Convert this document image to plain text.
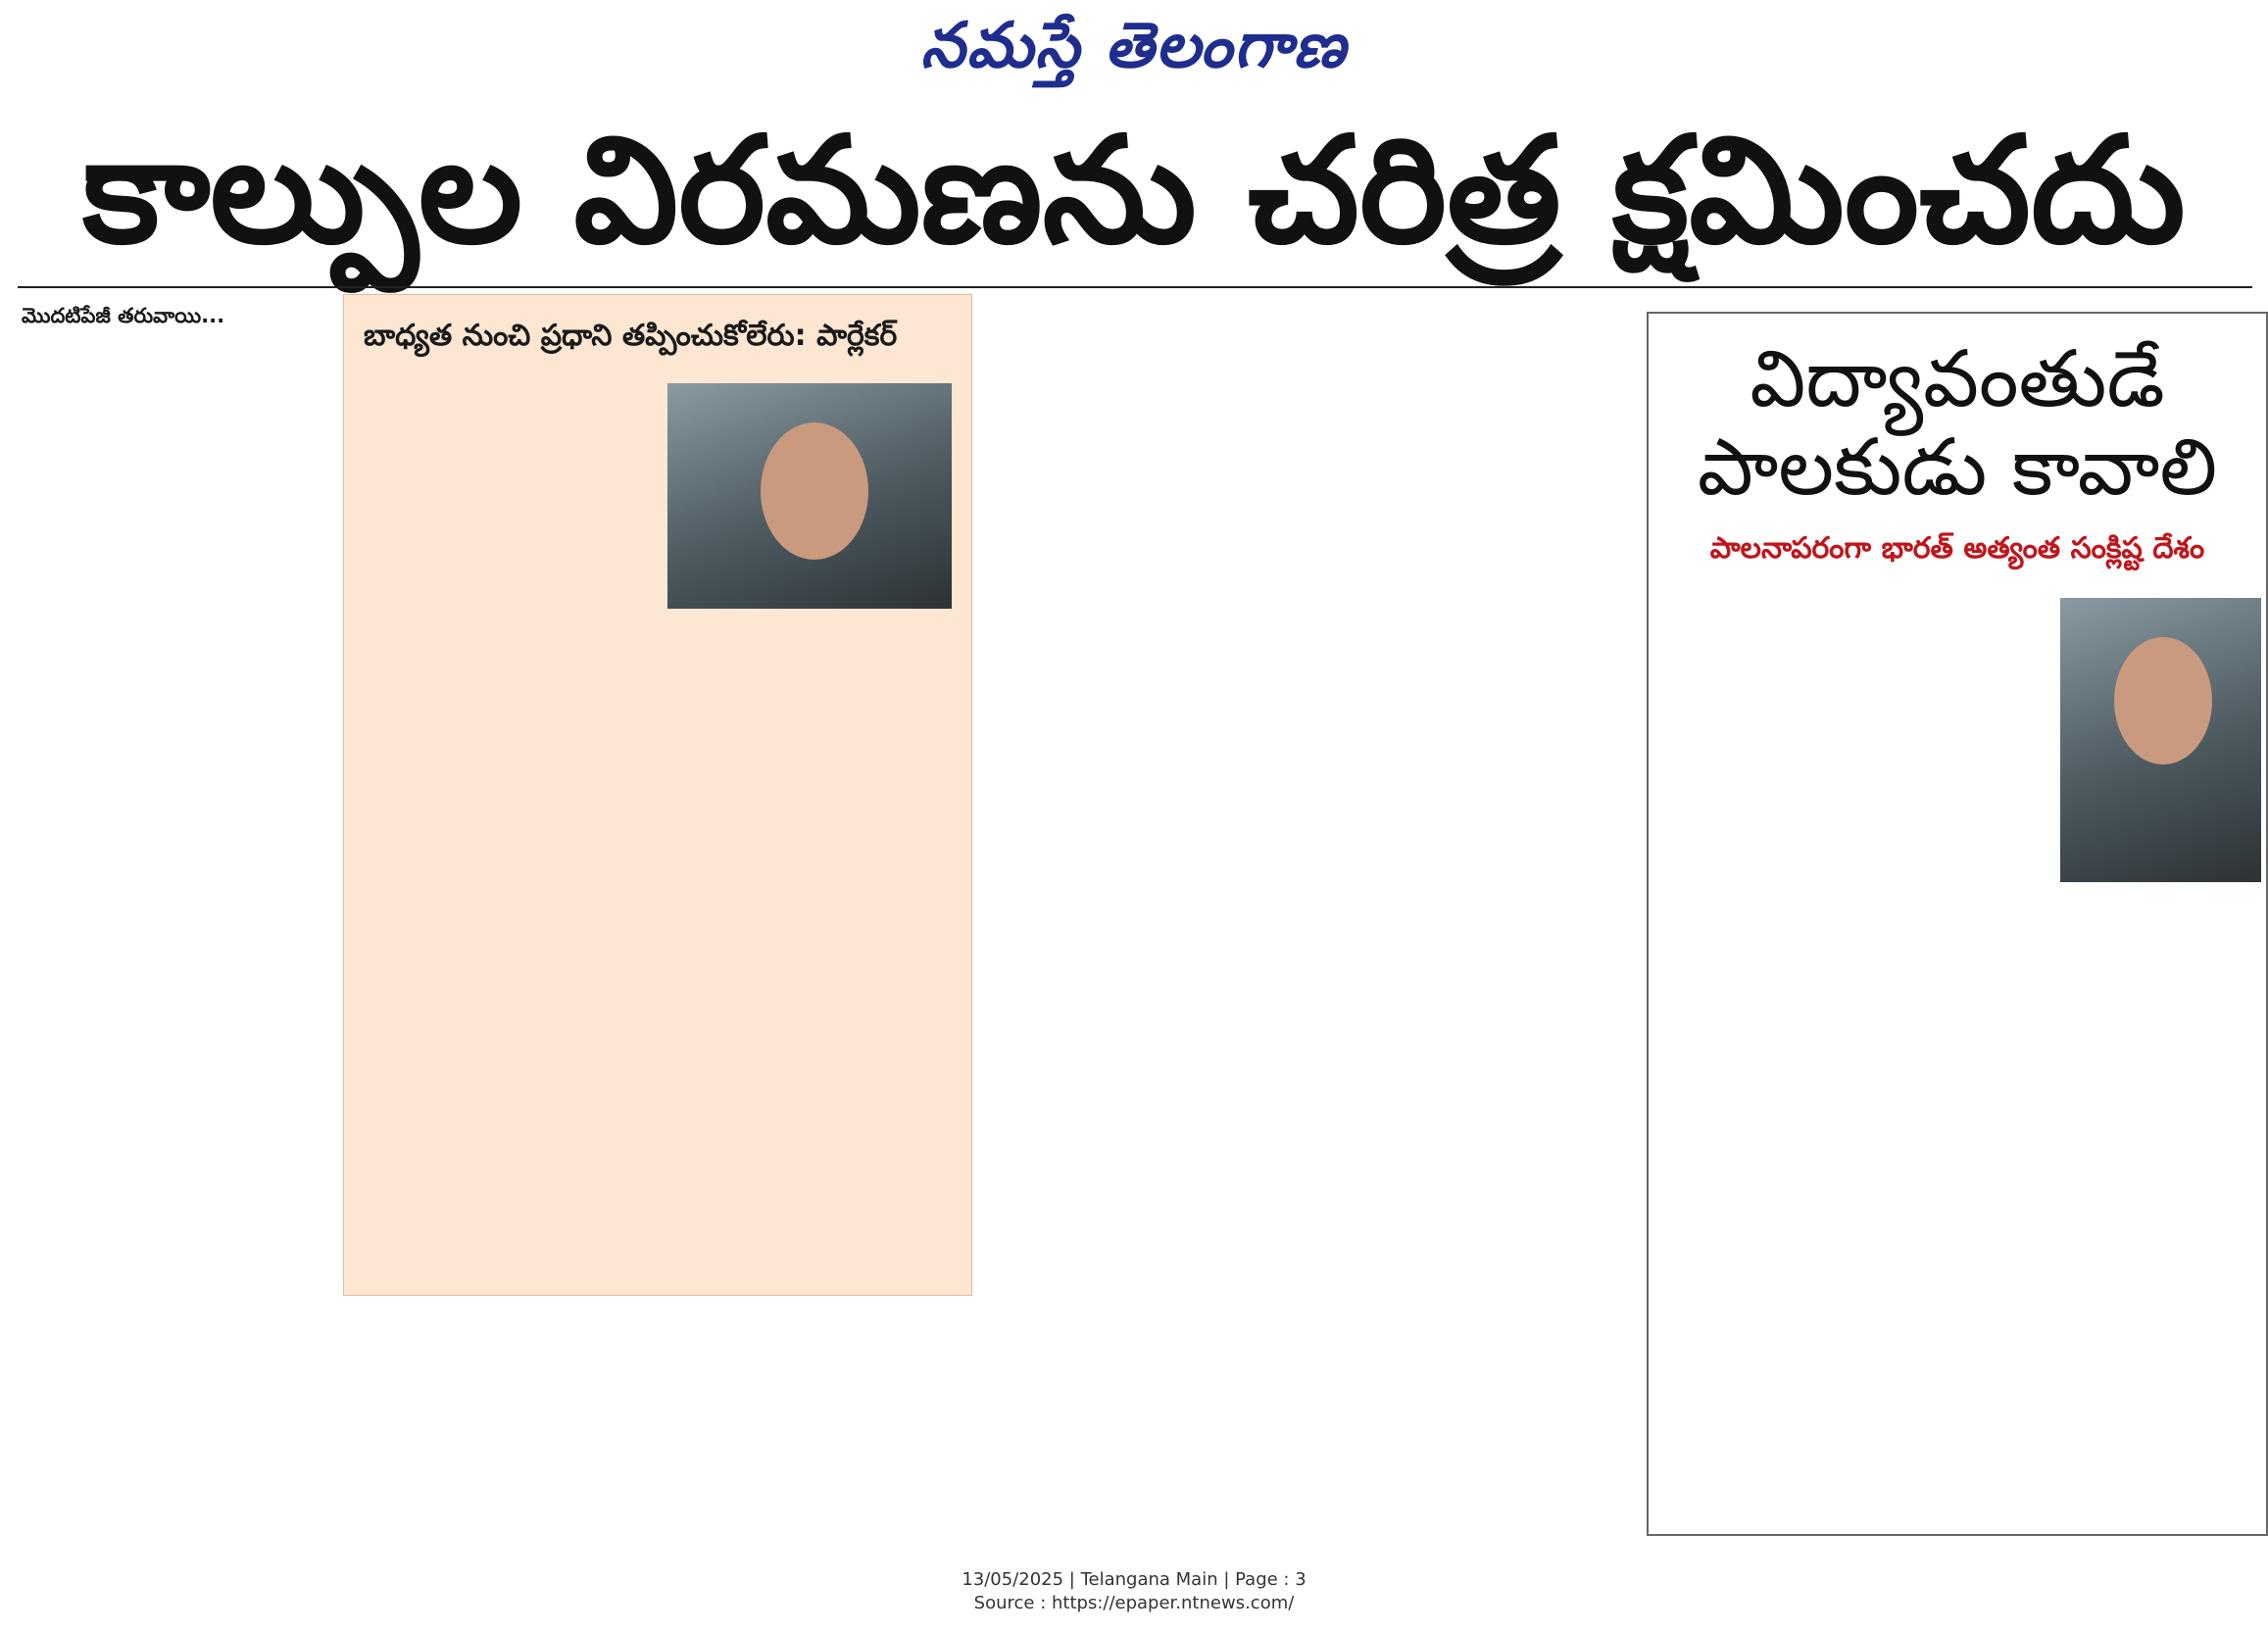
నమస్తే తెలంగాణ
కాల్పుల విరమణను చరిత్ర క్షమించదు
మొదటిపేజీ తరువాయి...
బాధ్యత నుంచి ప్రధాని తప్పించుకోలేరు: పార్లేకర్	విద్యావంతుడే
పాలకుడు కావాలి
పాలనాపరంగా భారత్ అత్యంత సంక్లిష్ట దేశం
13/05/2025 | Telangana Main | Page : 3
Source : https://epaper.ntnews.com/
